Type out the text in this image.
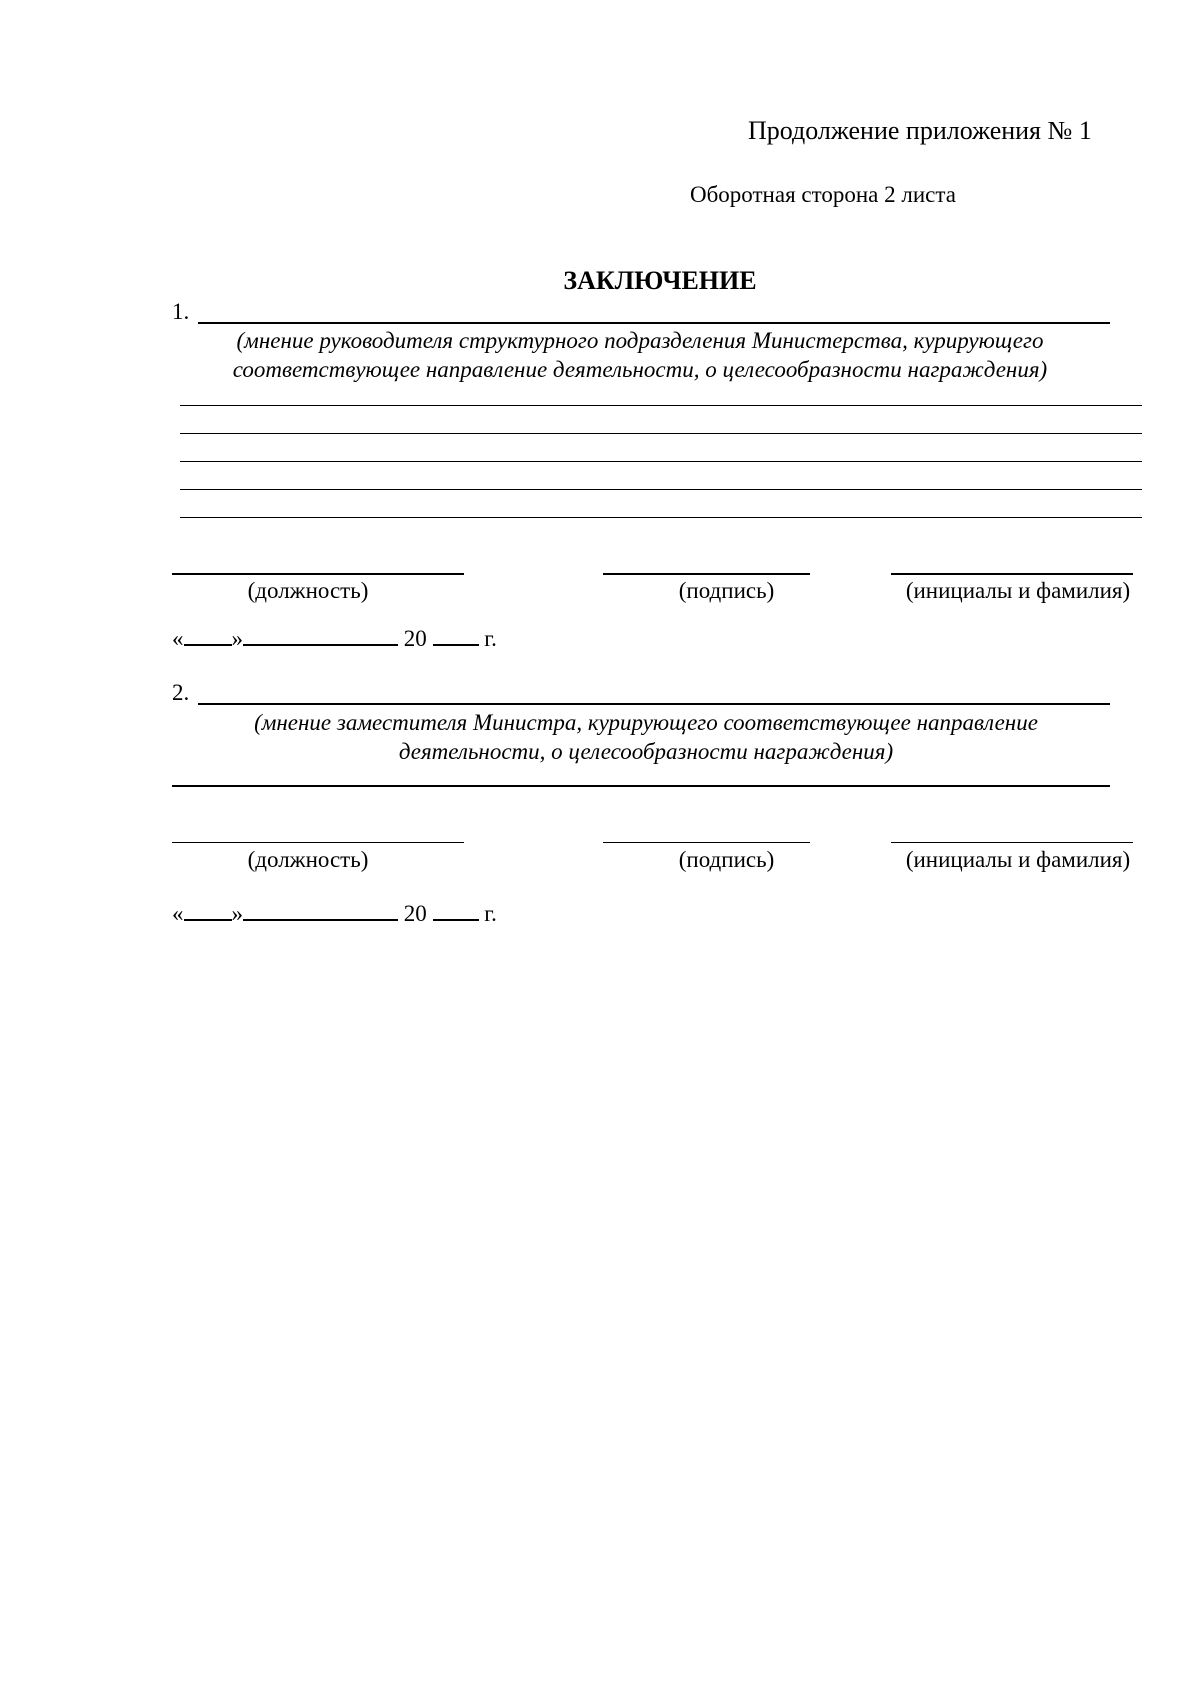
Продолжение приложения № 1
Оборотная сторона 2 листа
ЗАКЛЮЧЕНИЕ
1.
(мнение руководителя структурного подразделения Министерства, курирующего
соответствующее направление деятельности, о целесообразности награждения)
(должность)	(подпись)	(инициалы и фамилия)
« »	20	г.
2.
(мнение заместителя Министра, курирующего соответствующее направление
деятельности, о целесообразности награждения)
(должность)	(подпись)	(инициалы и фамилия)
« »	20	г.
